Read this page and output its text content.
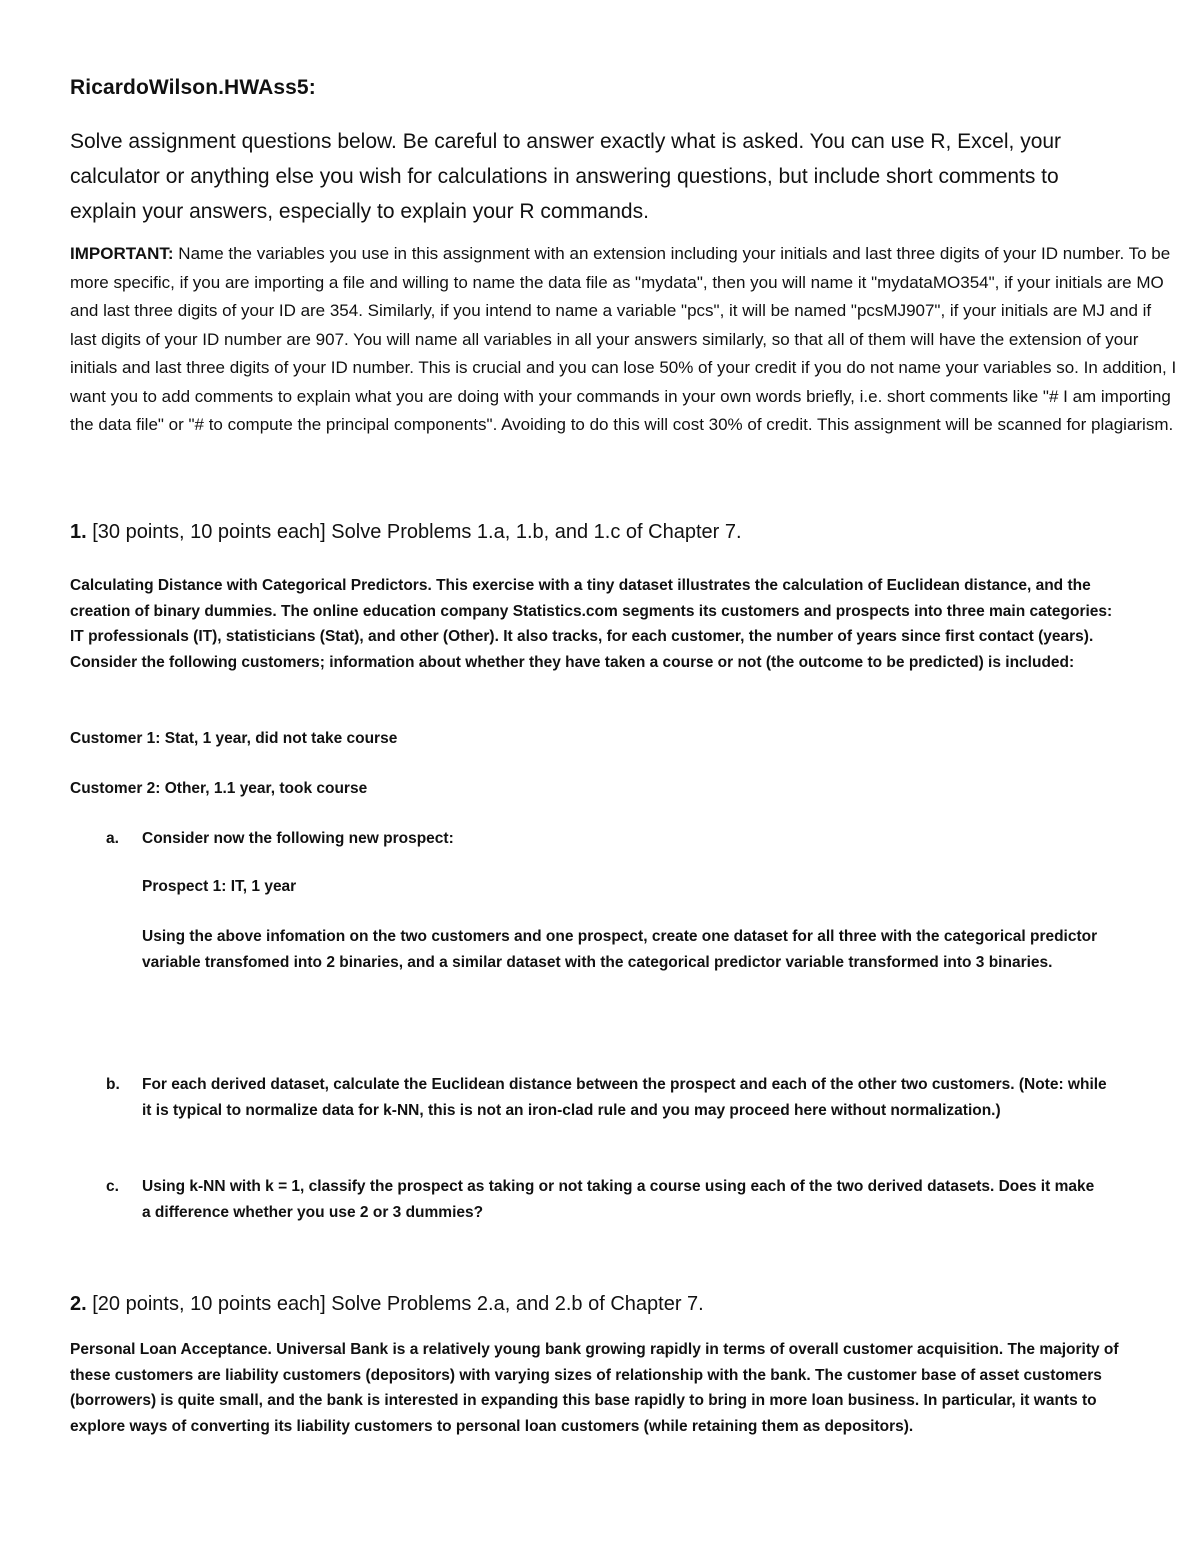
RicardoWilson.HWAss5:
Solve assignment questions below. Be careful to answer exactly what is asked. You can use R, Excel, your calculator or anything else you wish for calculations in answering questions, but include short comments to explain your answers, especially to explain your R commands.
IMPORTANT: Name the variables you use in this assignment with an extension including your initials and last three digits of your ID number. To be more specific, if you are importing a file and willing to name the data file as "mydata", then you will name it "mydataMO354", if your initials are MO and last three digits of your ID are 354. Similarly, if you intend to name a variable "pcs", it will be named "pcsMJ907", if your initials are MJ and if last digits of your ID number are 907. You will name all variables in all your answers similarly, so that all of them will have the extension of your initials and last three digits of your ID number. This is crucial and you can lose 50% of your credit if you do not name your variables so. In addition, I want you to add comments to explain what you are doing with your commands in your own words briefly, i.e. short comments like "# I am importing the data file" or "# to compute the principal components". Avoiding to do this will cost 30% of credit. This assignment will be scanned for plagiarism.
1. [30 points, 10 points each] Solve Problems 1.a, 1.b, and 1.c of Chapter 7.
Calculating Distance with Categorical Predictors. This exercise with a tiny dataset illustrates the calculation of Euclidean distance, and the creation of binary dummies. The online education company Statistics.com segments its customers and prospects into three main categories: IT professionals (IT), statisticians (Stat), and other (Other). It also tracks, for each customer, the number of years since first contact (years). Consider the following customers; information about whether they have taken a course or not (the outcome to be predicted) is included:
Customer 1: Stat, 1 year, did not take course
Customer 2: Other, 1.1 year, took course
a.	Consider now the following new prospect:
Prospect 1: IT, 1 year
Using the above infomation on the two customers and one prospect, create one dataset for all three with the categorical predictor variable transfomed into 2 binaries, and a similar dataset with the categorical predictor variable transformed into 3 binaries.
b.	For each derived dataset, calculate the Euclidean distance between the prospect and each of the other two customers. (Note: while it is typical to normalize data for k-NN, this is not an iron-clad rule and you may proceed here without normalization.)
c.	Using k-NN with k = 1, classify the prospect as taking or not taking a course using each of the two derived datasets. Does it make a difference whether you use 2 or 3 dummies?
2. [20 points, 10 points each] Solve Problems 2.a, and 2.b of Chapter 7.
Personal Loan Acceptance. Universal Bank is a relatively young bank growing rapidly in terms of overall customer acquisition. The majority of these customers are liability customers (depositors) with varying sizes of relationship with the bank. The customer base of asset customers (borrowers) is quite small, and the bank is interested in expanding this base rapidly to bring in more loan business. In particular, it wants to explore ways of converting its liability customers to personal loan customers (while retaining them as depositors).
